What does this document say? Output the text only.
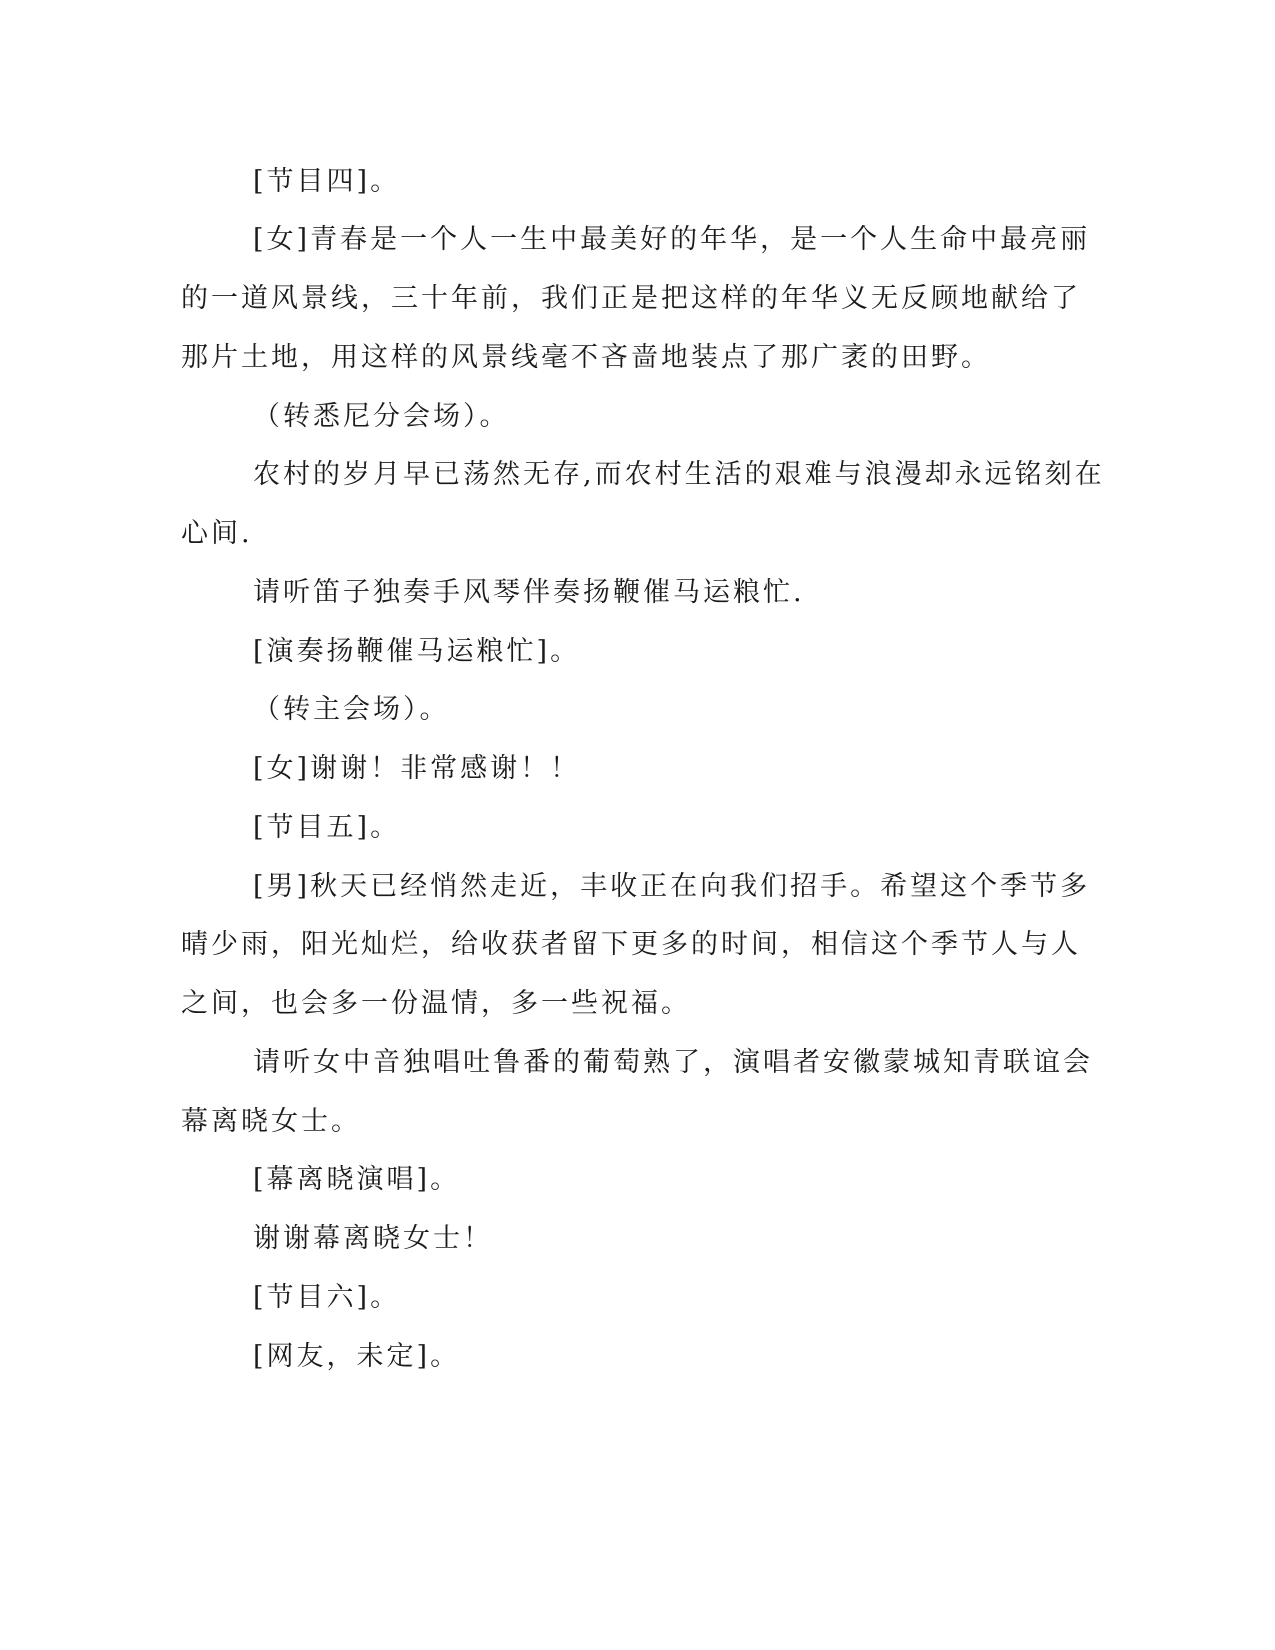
[节目四]。
[女]青春是一个人一生中最美好的年华，是一个人生命中最亮丽
的一道风景线，三十年前，我们正是把这样的年华义无反顾地献给了
那片土地，用这样的风景线毫不吝啬地装点了那广袤的田野。
（转悉尼分会场）。
农村的岁月早已荡然无存,而农村生活的艰难与浪漫却永远铭刻在
心间.
请听笛子独奏手风琴伴奏扬鞭催马运粮忙.
[演奏扬鞭催马运粮忙]。
（转主会场）。
[女]谢谢！非常感谢！！
[节目五]。
[男]秋天已经悄然走近，丰收正在向我们招手。希望这个季节多
晴少雨，阳光灿烂，给收获者留下更多的时间，相信这个季节人与人
之间，也会多一份温情，多一些祝福。
请听女中音独唱吐鲁番的葡萄熟了，演唱者安徽蒙城知青联谊会
幕离晓女士。
[幕离晓演唱]。
谢谢幕离晓女士！
[节目六]。
[网友，未定]。
